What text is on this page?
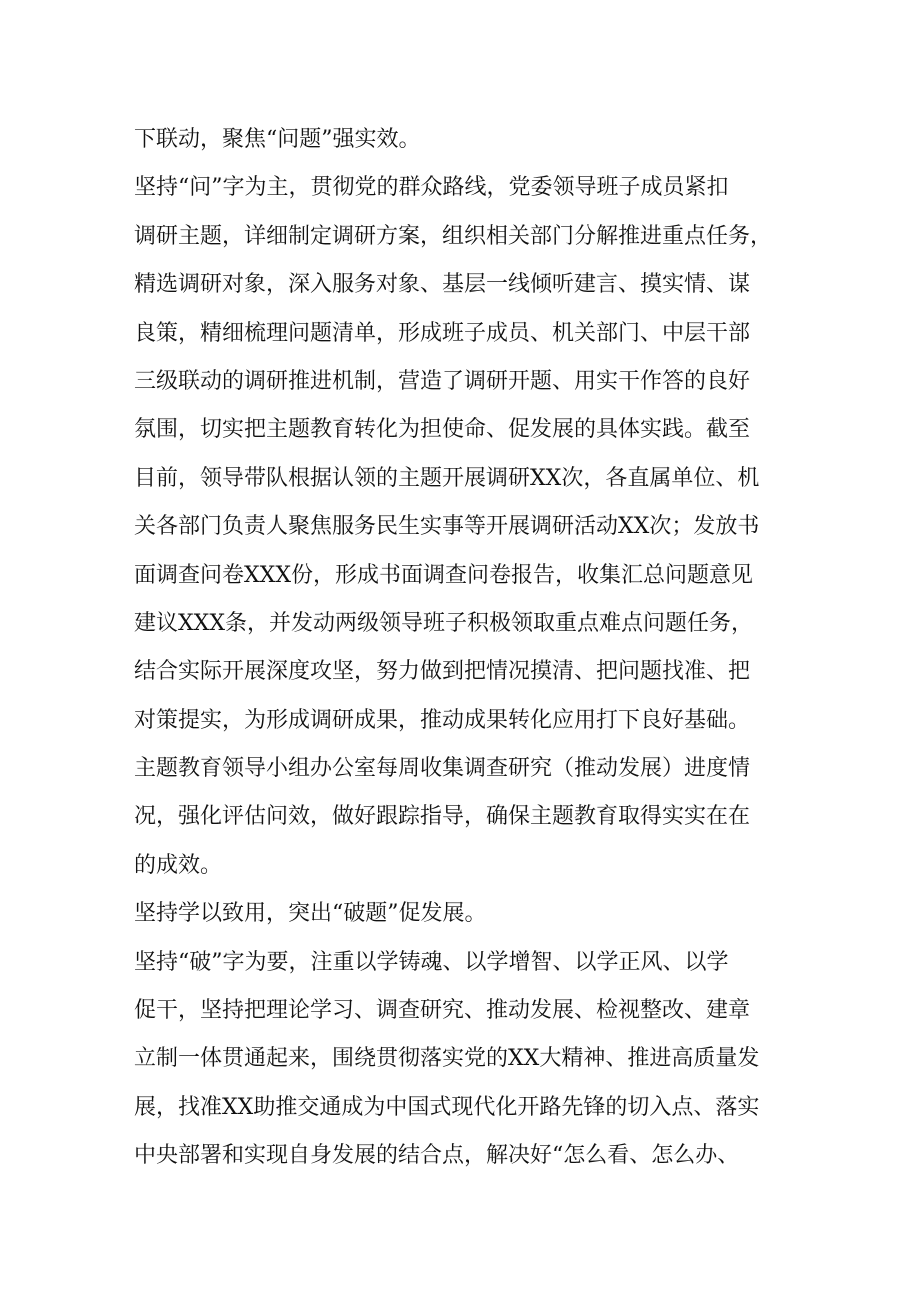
下联动，聚焦“问题”强实效。
坚持“问”字为主，贯彻党的群众路线，党委领导班子成员紧扣
调研主题，详细制定调研方案，组织相关部门分解推进重点任务，
精选调研对象，深入服务对象、基层一线倾听建言、摸实情、谋
良策，精细梳理问题清单，形成班子成员、机关部门、中层干部
三级联动的调研推进机制，营造了调研开题、用实干作答的良好
氛围，切实把主题教育转化为担使命、促发展的具体实践。截至
目前，领导带队根据认领的主题开展调研XX次，各直属单位、机
关各部门负责人聚焦服务民生实事等开展调研活动XX次；发放书
面调查问卷XXX份，形成书面调查问卷报告，收集汇总问题意见
建议XXX条，并发动两级领导班子积极领取重点难点问题任务，
结合实际开展深度攻坚，努力做到把情况摸清、把问题找准、把
对策提实，为形成调研成果，推动成果转化应用打下良好基础。
主题教育领导小组办公室每周收集调查研究（推动发展）进度情
况，强化评估问效，做好跟踪指导，确保主题教育取得实实在在
的成效。
坚持学以致用，突出“破题”促发展。
坚持“破”字为要，注重以学铸魂、以学增智、以学正风、以学
促干，坚持把理论学习、调查研究、推动发展、检视整改、建章
立制一体贯通起来，围绕贯彻落实党的XX大精神、推进高质量发
展，找准XX助推交通成为中国式现代化开路先锋的切入点、落实
中央部署和实现自身发展的结合点，解决好“怎么看、怎么办、
